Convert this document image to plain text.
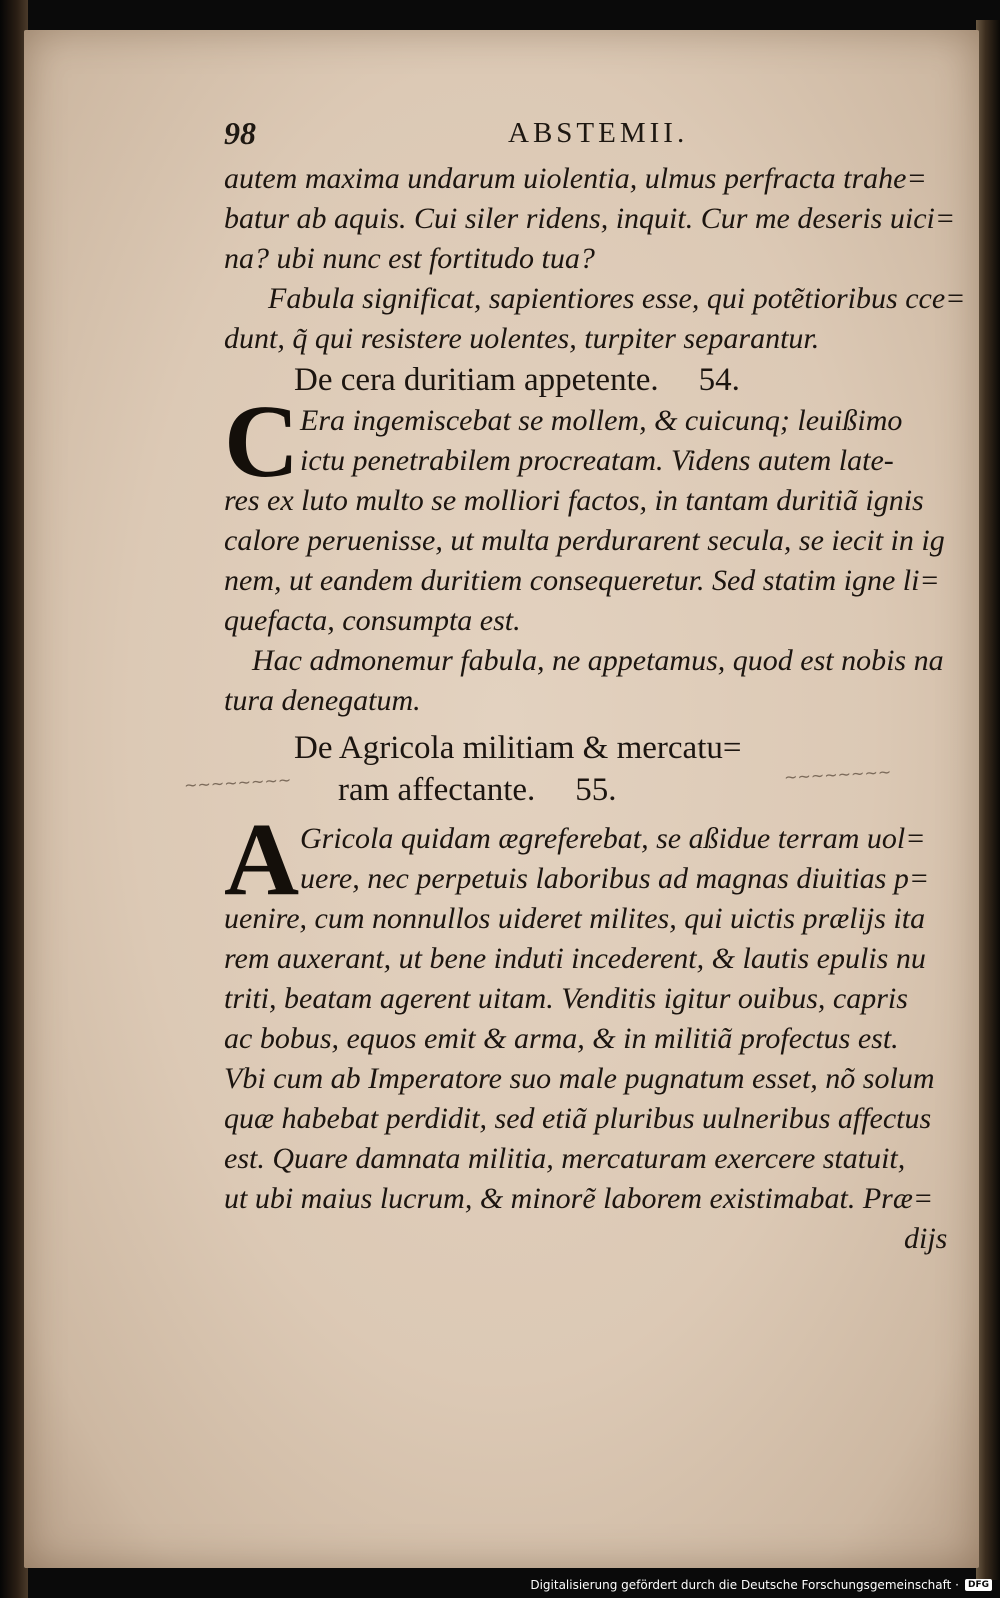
98	ABSTEMII.
autem maxima undarum uiolentia, ulmus perfracta trahe=
batur ab aquis. Cui siler ridens, inquit. Cur me deseris uici=
na? ubi nunc est fortitudo tua?
Fabula significat, sapientiores esse, qui potẽtioribus cce=
dunt, q̃ qui resistere uolentes, turpiter separantur.
De cera duritiam appetente. 54.
C Era ingemiscebat se mollem, & cuicunq; leuißimo
ictu penetrabilem procreatam. Videns autem late-
res ex luto multo se molliori factos, in tantam duritiã ignis
calore peruenisse, ut multa perdurarent secula, se iecit in ig
nem, ut eandem duritiem consequeretur. Sed statim igne li=
quefacta, consumpta est.
Hac admonemur fabula, ne appetamus, quod est nobis na
tura denegatum.
De Agricola militiam & mercatu=
ram affectante. 55.
~~~~~~~~	~~~~~~~~
A Gricola quidam ægreferebat, se aßidue terram uol=
uere, nec perpetuis laboribus ad magnas diuitias p=
uenire, cum nonnullos uideret milites, qui uictis prælijs ita
rem auxerant, ut bene induti incederent, & lautis epulis nu
triti, beatam agerent uitam. Venditis igitur ouibus, capris
ac bobus, equos emit & arma, & in militiã profectus est.
Vbi cum ab Imperatore suo male pugnatum esset, nõ solum
quæ habebat perdidit, sed etiã pluribus uulneribus affectus
est. Quare damnata militia, mercaturam exercere statuit,
ut ubi maius lucrum, & minorẽ laborem existimabat. Præ=
dijs
Digitalisierung gefördert durch die Deutsche Forschungsgemeinschaft ·	DFG
